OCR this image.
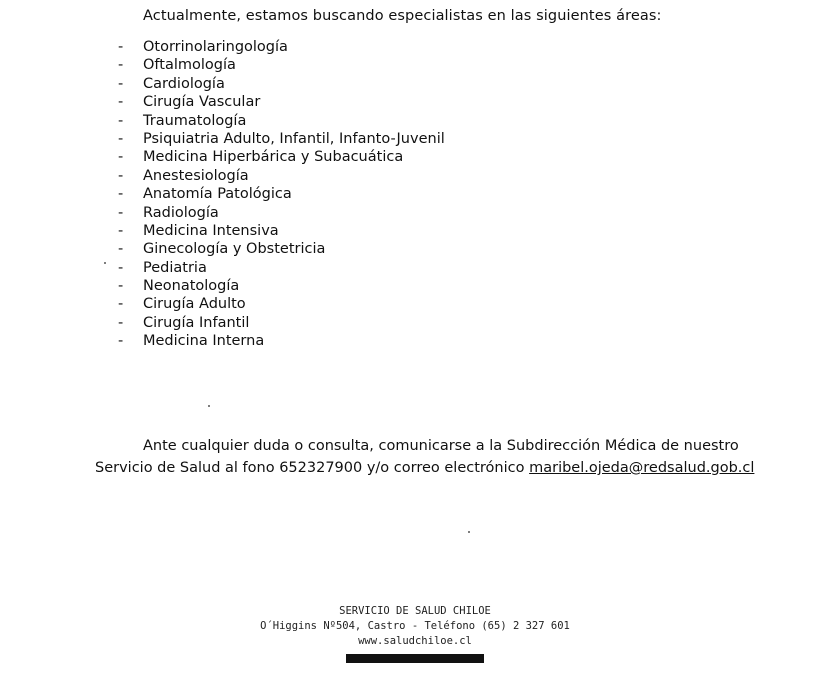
Actualmente, estamos buscando especialistas en las siguientes áreas:
- Otorrinolaringología
- Oftalmología
- Cardiología
- Cirugía Vascular
- Traumatología
- Psiquiatria Adulto, Infantil, Infanto-Juvenil
- Medicina Hiperbárica y Subacuática
- Anestesiología
- Anatomía Patológica
- Radiología
- Medicina Intensiva
- Ginecología y Obstetricia
- Pediatria
- Neonatología
- Cirugía Adulto
- Cirugía Infantil
- Medicina Interna
Ante cualquier duda o consulta, comunicarse a la Subdirección Médica de nuestro
Servicio de Salud al fono 652327900 y/o correo electrónico maribel.ojeda@redsalud.gob.cl
SERVICIO DE SALUD CHILOE
O´Higgins Nº504, Castro - Teléfono (65) 2 327 601
www.saludchiloe.cl
